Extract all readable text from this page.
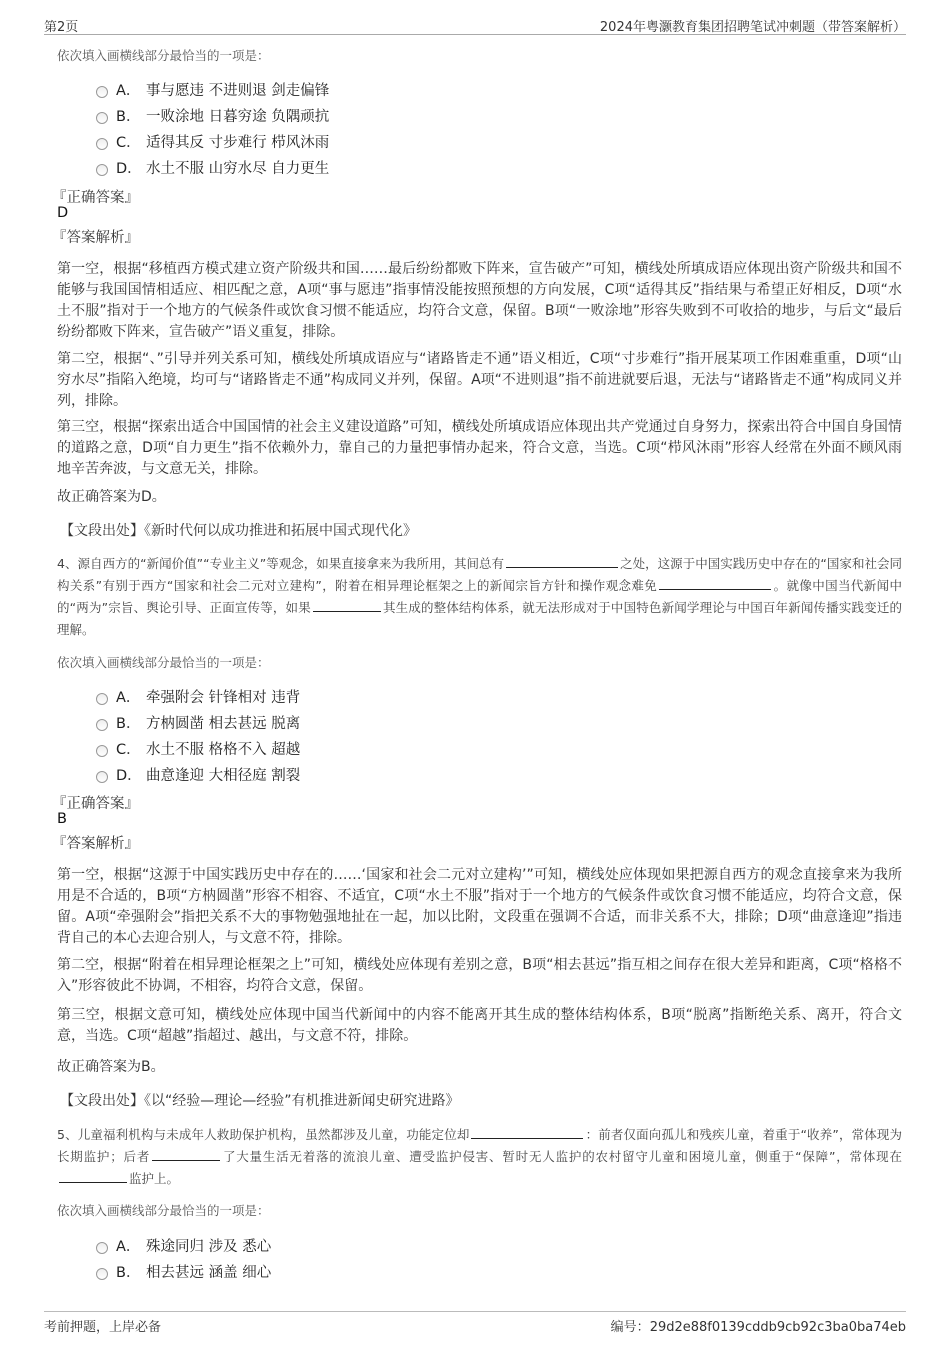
第2页	2024年粤灏教育集团招聘笔试冲刺题（带答案解析）
依次填入画横线部分最恰当的一项是：
A． 事与愿违 不进则退 剑走偏锋
B． 一败涂地 日暮穷途 负隅顽抗
C． 适得其反 寸步难行 栉风沐雨
D． 水土不服 山穷水尽 自力更生
『正确答案』
D
『答案解析』
第一空，根据“移植西方模式建立资产阶级共和国……最后纷纷都败下阵来，宣告破产”可知，横线处所填成语应体现出资产阶级共和国不能够与我国国情相适应、相匹配之意，A项“事与愿违”指事情没能按照预想的方向发展，C项“适得其反”指结果与希望正好相反，D项“水土不服”指对于一个地方的气候条件或饮食习惯不能适应，均符合文意，保留。B项“一败涂地”形容失败到不可收拾的地步，与后文“最后纷纷都败下阵来，宣告破产”语义重复，排除。
第二空，根据“、”引导并列关系可知，横线处所填成语应与“诸路皆走不通”语义相近，C项“寸步难行”指开展某项工作困难重重，D项“山穷水尽”指陷入绝境，均可与“诸路皆走不通”构成同义并列，保留。A项“不进则退”指不前进就要后退，无法与“诸路皆走不通”构成同义并列，排除。
第三空，根据“探索出适合中国国情的社会主义建设道路”可知，横线处所填成语应体现出共产党通过自身努力，探索出符合中国自身国情的道路之意，D项“自力更生”指不依赖外力，靠自己的力量把事情办起来，符合文意，当选。C项“栉风沐雨”形容人经常在外面不顾风雨地辛苦奔波，与文意无关，排除。
故正确答案为D。
【文段出处】《新时代何以成功推进和拓展中国式现代化》
4、源自西方的“新闻价值”“专业主义”等观念，如果直接拿来为我所用，其间总有	之处，这源于中国实践历史中存在的“国家和社会同构关系”有别于西方“国家和社会二元对立建构”，附着在相异理论框架之上的新闻宗旨方针和操作观念难免	。就像中国当代新闻中的“两为”宗旨、舆论引导、正面宣传等，如果	其生成的整体结构体系，就无法形成对于中国特色新闻学理论与中国百年新闻传播实践变迁的理解。
依次填入画横线部分最恰当的一项是：
A． 牵强附会 针锋相对 违背
B． 方枘圆凿 相去甚远 脱离
C． 水土不服 格格不入 超越
D． 曲意逢迎 大相径庭 割裂
『正确答案』
B
『答案解析』
第一空，根据“这源于中国实践历史中存在的……‘国家和社会二元对立建构’”可知，横线处应体现如果把源自西方的观念直接拿来为我所用是不合适的，B项“方枘圆凿”形容不相容、不适宜，C项“水土不服”指对于一个地方的气候条件或饮食习惯不能适应，均符合文意，保留。A项“牵强附会”指把关系不大的事物勉强地扯在一起，加以比附，文段重在强调不合适，而非关系不大，排除；D项“曲意逢迎”指违背自己的本心去迎合别人，与文意不符，排除。
第二空，根据“附着在相异理论框架之上”可知，横线处应体现有差别之意，B项“相去甚远”指互相之间存在很大差异和距离，C项“格格不入”形容彼此不协调，不相容，均符合文意，保留。
第三空，根据文意可知，横线处应体现中国当代新闻中的内容不能离开其生成的整体结构体系，B项“脱离”指断绝关系、离开，符合文意，当选。C项“超越”指超过、越出，与文意不符，排除。
故正确答案为B。
【文段出处】《以“经验—理论—经验”有机推进新闻史研究进路》
5、儿童福利机构与未成年人救助保护机构，虽然都涉及儿童，功能定位却	：前者仅面向孤儿和残疾儿童，着重于“收养”，常体现为长期监护；后者	了大量生活无着落的流浪儿童、遭受监护侵害、暂时无人监护的农村留守儿童和困境儿童，侧重于“保障”，常体现在监护上。
依次填入画横线部分最恰当的一项是：
A． 殊途同归 涉及 悉心
B． 相去甚远 涵盖 细心
考前押题，上岸必备	编号：29d2e88f0139cddb9cb92c3ba0ba74eb
